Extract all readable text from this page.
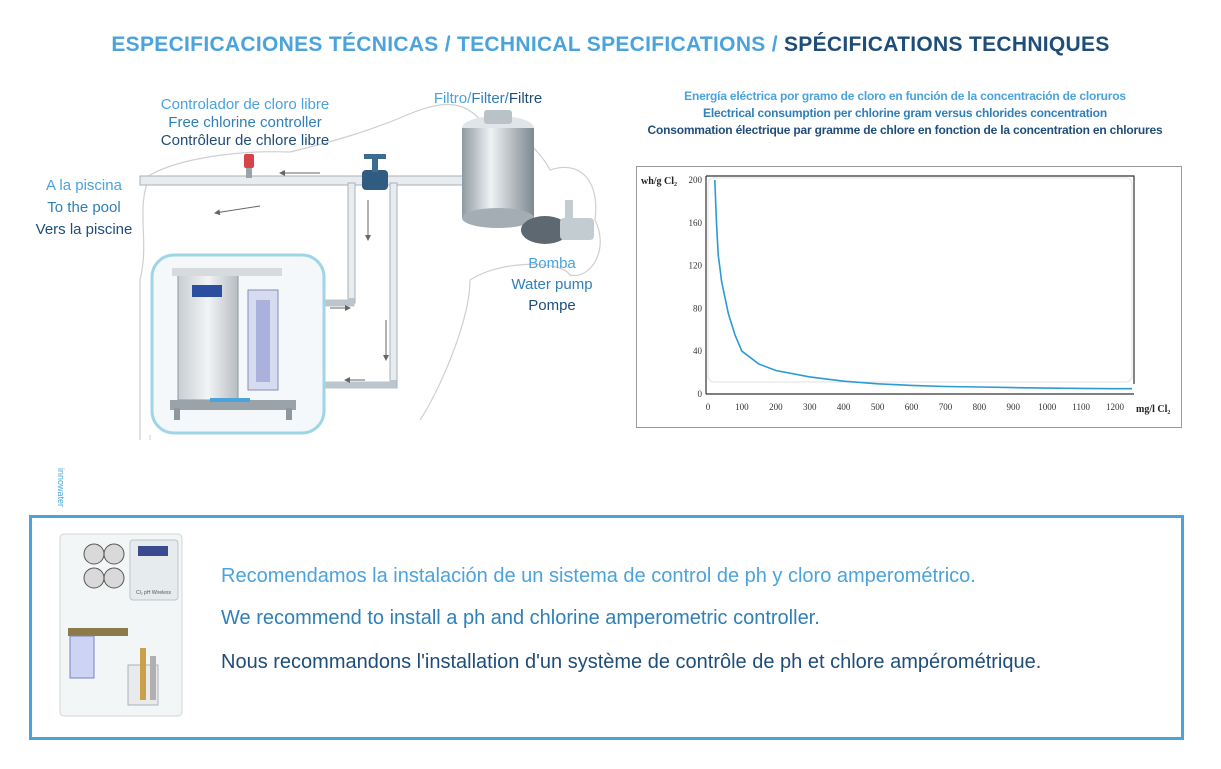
ESPECIFICACIONES TÉCNICAS / TECHNICAL SPECIFICATIONS / SPÉCIFICATIONS TECHNIQUES
Controlador de cloro libre
Free chlorine controller
Contrôleur de chlore libre
Filtro/Filter/Filtre
A la piscina
To the pool
Vers la piscine
Bomba
Water pump
Pompe
Energía eléctrica por gramo de cloro en función de la concentración de cloruros
Electrical consumption per chlorine gram versus chlorides concentration
Consommation électrique par gramme de chlore en fonction de la concentration en chlorures
wh/g Cl₂
mg/l Cl₂
0
40
80
120
160
200
0	100 200 300 400 500 600 700 800 900 1000 1100 1200
innowater
Cl₂ pH Wireless
Recomendamos la instalación de un sistema de control de ph y cloro amperométrico.
We recommend to install a ph and chlorine amperometric controller.
Nous recommandons l'installation d'un système de contrôle de ph et chlore ampérométrique.
